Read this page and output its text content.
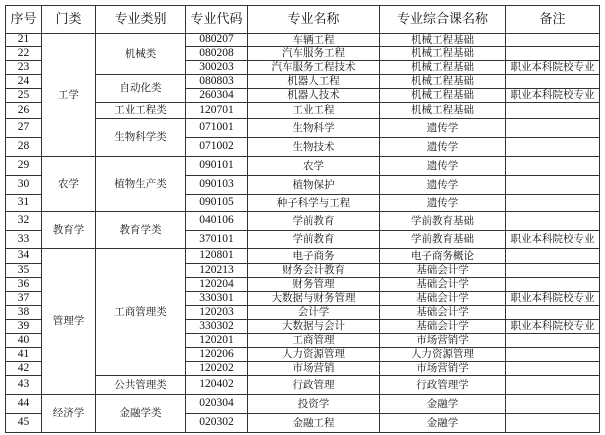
序号	门类	专业类别	专业代码	专业名称	专业综合课名称	备注
21	工学	机械类	080207	车辆工程	机械工程基础	
22			080208	汽车服务工程	机械工程基础	
23			300203	汽车服务工程技术	机械工程基础	职业本科院校专业
24		自动化类	080803	机器人工程	机械工程基础	
25			260304	机器人技术	机械工程基础	职业本科院校专业
26		工业工程类	120701	工业工程	机械工程基础	
27		生物科学类	071001	生物科学	遗传学	
28			071002	生物技术	遗传学	
29	农学	植物生产类	090101	农学	遗传学	
30			090103	植物保护	遗传学	
31			090105	种子科学与工程	遗传学	
32	教育学	教育学类	040106	学前教育	学前教育基础	
33			370101	学前教育	学前教育基础	职业本科院校专业
34	管理学	工商管理类	120801	电子商务	电子商务概论	
35			120213	财务会计教育	基础会计学	
36			120204	财务管理	基础会计学	
37			330301	大数据与财务管理	基础会计学	职业本科院校专业
38			120203	会计学	基础会计学	
39			330302	大数据与会计	基础会计学	职业本科院校专业
40			120201	工商管理	市场营销学	
41			120206	人力资源管理	人力资源管理	
42			120202	市场营销	市场营销学	
43		公共管理类	120402	行政管理	行政管理学	
44	经济学	金融学类	020304	投资学	金融学	
45			020302	金融工程	金融学	
